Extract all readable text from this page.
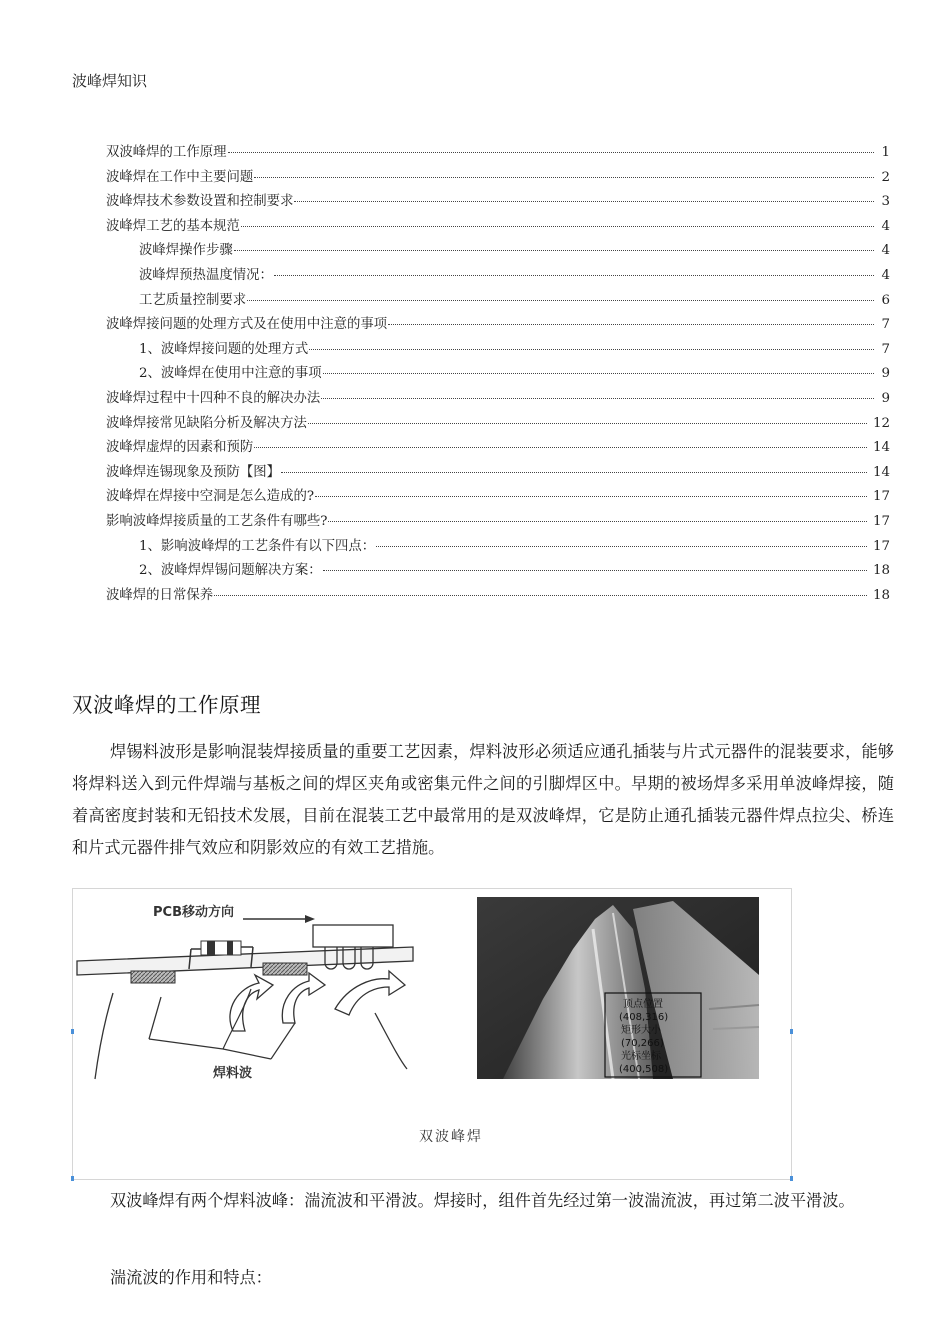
波峰焊知识
双波峰焊的工作原理	1
波峰焊在工作中主要问题	2
波峰焊技术参数设置和控制要求	3
波峰焊工艺的基本规范	4
波峰焊操作步骤	4
波峰焊预热温度情况：	4
工艺质量控制要求	6
波峰焊接问题的处理方式及在使用中注意的事项	7
1、波峰焊接问题的处理方式	7
2、波峰焊在使用中注意的事项	9
波峰焊过程中十四种不良的解决办法	9
波峰焊接常见缺陷分析及解决方法	12
波峰焊虚焊的因素和预防	14
波峰焊连锡现象及预防【图】	14
波峰焊在焊接中空洞是怎么造成的?	17
影响波峰焊接质量的工艺条件有哪些?	17
1、影响波峰焊的工艺条件有以下四点：	17
2、波峰焊焊锡问题解决方案：	18
波峰焊的日常保养	18
双波峰焊的工作原理
焊锡料波形是影响混装焊接质量的重要工艺因素，焊料波形必须适应通孔插装与片式元器件的混装要求，能够将焊料送入到元件焊端与基板之间的焊区夹角或密集元件之间的引脚焊区中。早期的被场焊多采用单波峰焊接，随着高密度封装和无铅技术发展，目前在混装工艺中最常用的是双波峰焊，它是防止通孔插装元器件焊点拉尖、桥连和片式元器件排气效应和阴影效应的有效工艺措施。
PCB移动方向
焊料波
顶点位置
(408,316)
矩形大小
(70,266)
光标坐标
(400,508)
双波峰焊
双波峰焊有两个焊料波峰：湍流波和平滑波。焊接时，组件首先经过第一波湍流波，再过第二波平滑波。
湍流波的作用和特点：
